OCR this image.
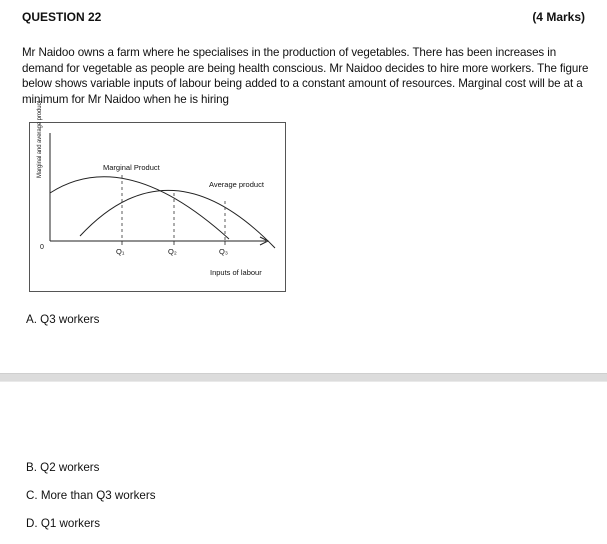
QUESTION 22	(4 Marks)
Mr Naidoo owns a farm where he specialises in the production of vegetables. There has been increases in demand for vegetable as people are being health conscious. Mr Naidoo decides to hire more workers. The figure below shows variable inputs of labour being added to a constant amount of resources. Marginal cost will be at a minimum for Mr Naidoo when he is hiring
Marginal and average product
0
Marginal Product
Average product
Q₁	Q₂	Q₃
Inputs of labour
A. Q3 workers
B. Q2 workers
C. More than Q3 workers
D. Q1 workers
